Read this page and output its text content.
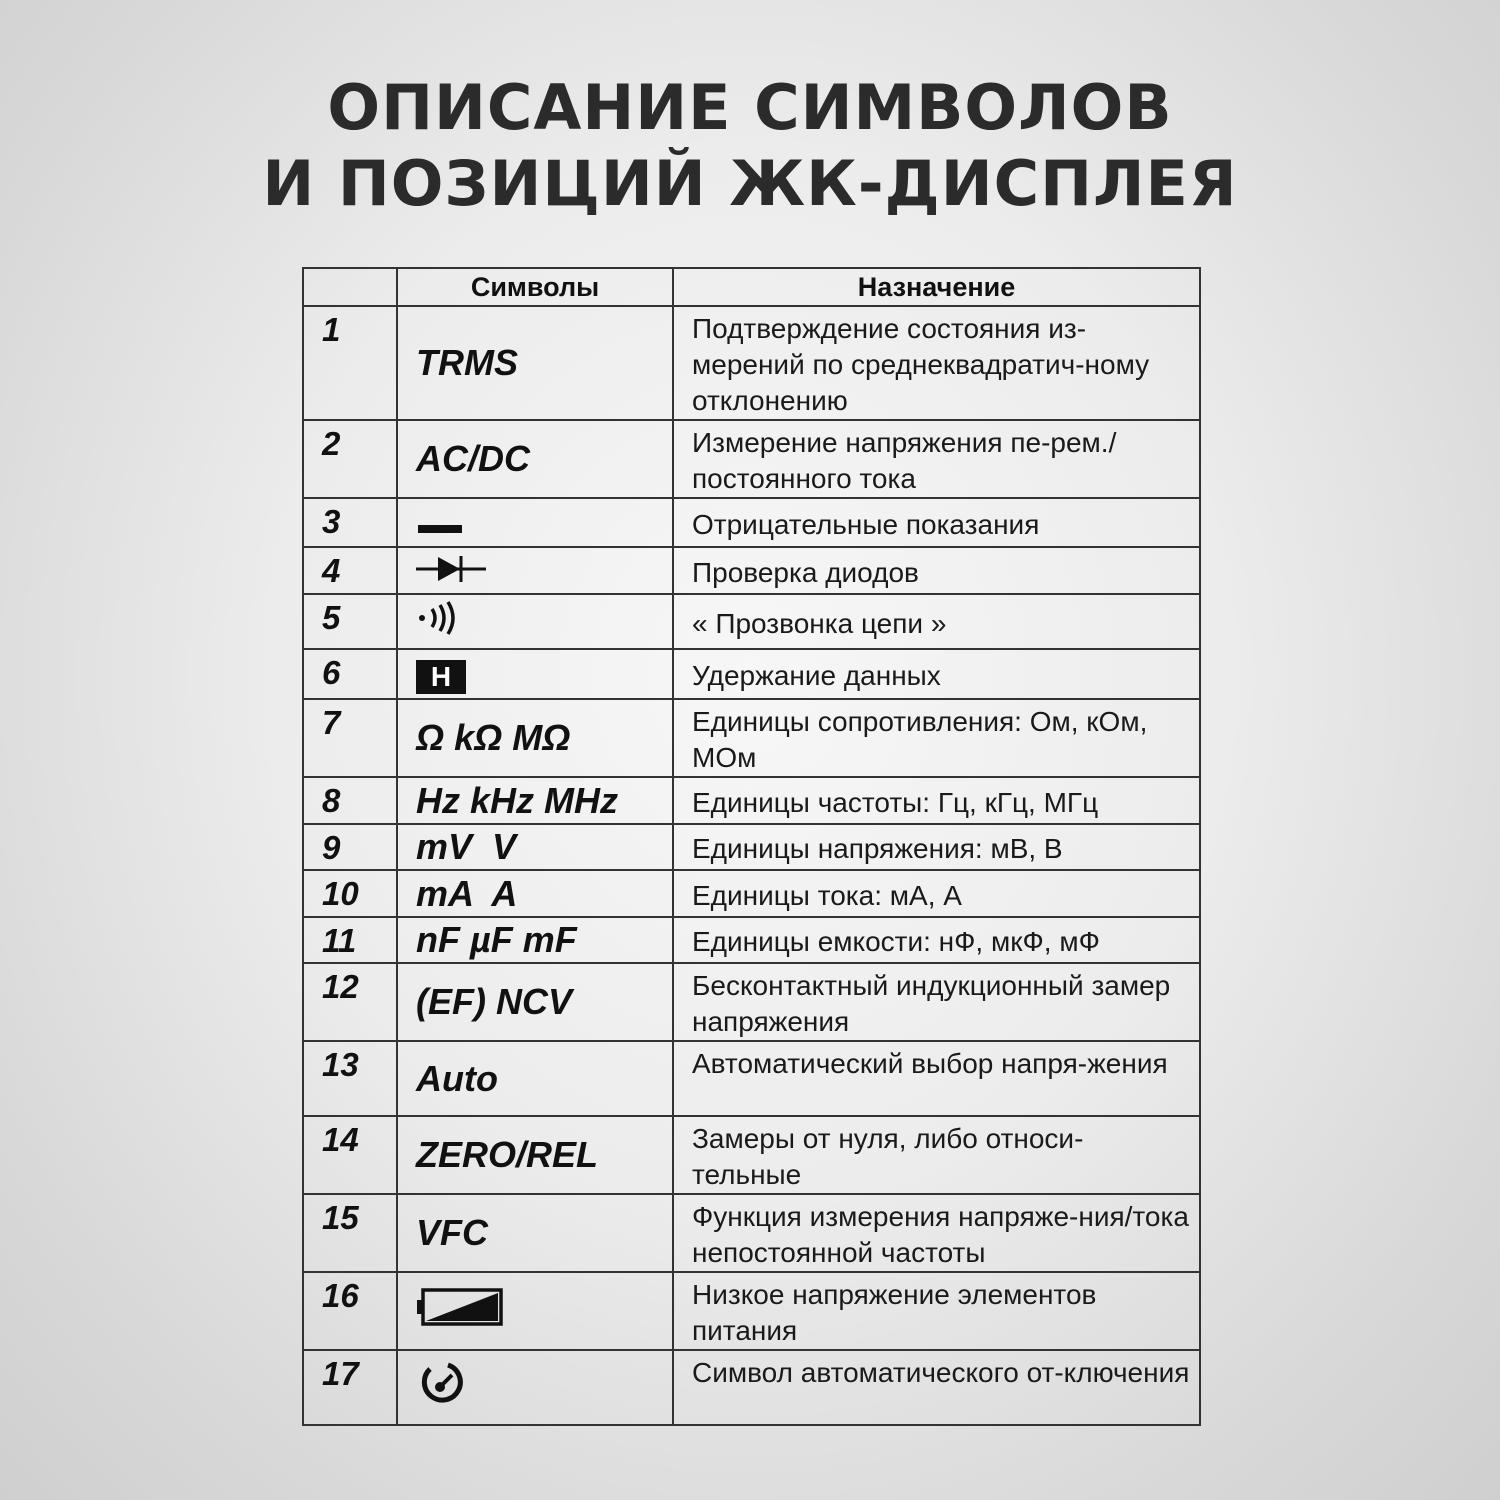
ОПИСАНИЕ СИМВОЛОВ
И ПОЗИЦИЙ ЖК-ДИСПЛЕЯ
	Символы	Назначение
1	TRMS	Подтверждение состояния из-мерений по среднеквадратич-ному отклонению
2	AC/DC	Измерение напряжения пе-рем./постоянного тока
3		Отрицательные показания
4		Проверка диодов
5		« Прозвонка цепи »
6	H	Удержание данных
7	Ω kΩ MΩ	Единицы сопротивления: Ом, кОм, МОм
8	Hz kHz MHz	Единицы частоты: Гц, кГц, МГц
9	mV  V	Единицы напряжения: мВ, В
10	mA  A	Единицы тока: мА, А
11	nF µF mF	Единицы емкости: нФ, мкФ, мФ
12	(EF) NCV	Бесконтактный индукционный замер напряжения
13	Auto	Автоматический выбор напря-жения
14	ZERO/REL	Замеры от нуля, либо относи-тельные
15	VFC	Функция измерения напряже-ния/тока непостоянной частоты
16		Низкое напряжение элементов питания
17		Символ автоматического от-ключения
